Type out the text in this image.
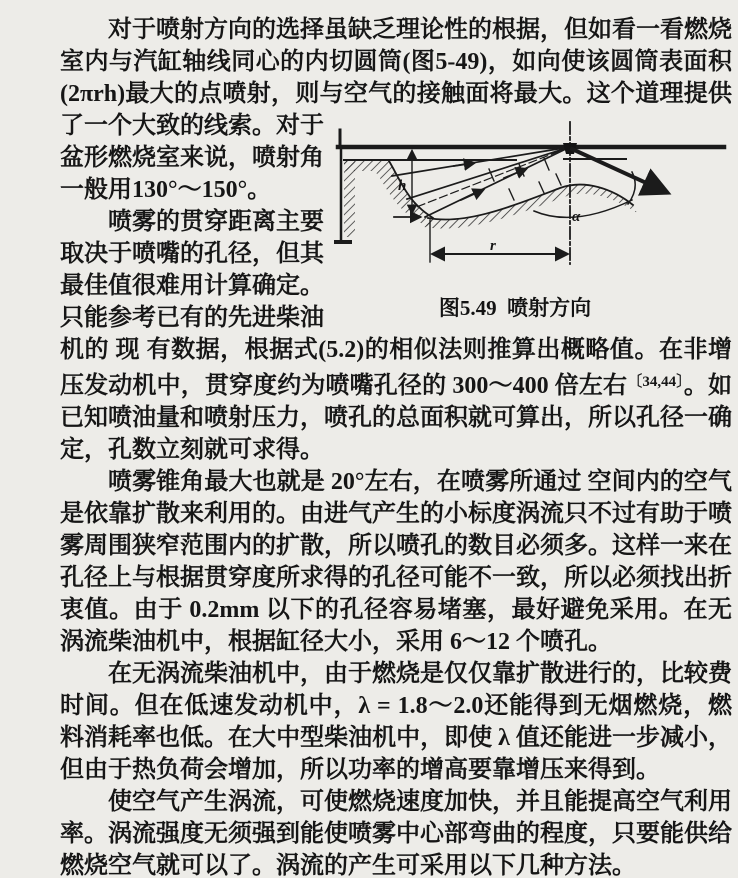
对于喷射方向的选择虽缺乏理论性的根据，但如看一看燃烧室内与汽缸轴线同心的内切圆筒(图5-49)，如向使该圆筒表面积(2πrh)最大的点喷射，则与空气的接触面将最大。这个道理提供
h
r
α
图5.49  喷射方向
了一个大致的线索。对于盆形燃烧室来说，喷射角一般用130°～150°。

喷雾的贯穿距离主要取决于喷嘴的孔径，但其最佳值很难用计算确定。只能参考已有的先进柴油机的 现 有数据，根据式(5.2)的相似法则推算出概略值。在非增压发动机中，贯穿度约为喷嘴孔径的 300～400 倍左右$^{〔34,44〕}$。如已知喷油量和喷射压力，喷孔的总面积就可算出，所以孔径一确定，孔数立刻就可求得。

喷雾锥角最大也就是 20°左右，在喷雾所通过 空间内的空气是依靠扩散来利用的。由进气产生的小标度涡流只不过有助于喷雾周围狭窄范围内的扩散，所以喷孔的数目必须多。这样一来在孔径上与根据贯穿度所求得的孔径可能不一致，所以必须找出折衷值。由于 0.2mm 以下的孔径容易堵塞，最好避免采用。在无涡流柴油机中，根据缸径大小，采用 6～12 个喷孔。

在无涡流柴油机中，由于燃烧是仅仅靠扩散进行的，比较费时间。但在低速发动机中，λ = 1.8～2.0还能得到无烟燃烧，燃料消耗率也低。在大中型柴油机中，即使 λ 值还能进一步减小，但由于热负荷会增加，所以功率的增高要靠增压来得到。

使空气产生涡流，可使燃烧速度加快，并且能提高空气利用率。涡流强度无须强到能使喷雾中心部弯曲的程度，只要能供给燃烧空气就可以了。涡流的产生可采用以下几种方法。
